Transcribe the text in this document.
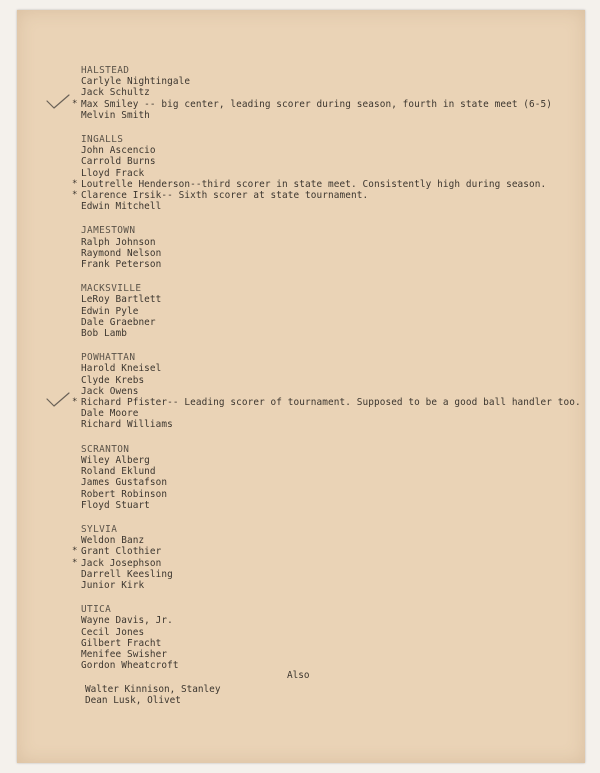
HALSTEAD
Carlyle Nightingale
Jack Schultz
* Max Smiley -- big center, leading scorer during season, fourth in state meet (6-5)
Melvin Smith
INGALLS
John Ascencio
Carrold Burns
Lloyd Frack
* Loutrelle Henderson--third scorer in state meet. Consistently high during season.
* Clarence Irsik-- Sixth scorer at state tournament.
Edwin Mitchell
JAMESTOWN
Ralph Johnson
Raymond Nelson
Frank Peterson
MACKSVILLE
LeRoy Bartlett
Edwin Pyle
Dale Graebner
Bob Lamb
POWHATTAN
Harold Kneisel
Clyde Krebs
Jack Owens
* Richard Pfister-- Leading scorer of tournament. Supposed to be a good ball handler too.
Dale Moore
Richard Williams
SCRANTON
Wiley Alberg
Roland Eklund
James Gustafson
Robert Robinson
Floyd Stuart
SYLVIA
Weldon Banz
* Grant Clothier
* Jack Josephson
Darrell Keesling
Junior Kirk
UTICA
Wayne Davis, Jr.
Cecil Jones
Gilbert Fracht
Menifee Swisher
Gordon Wheatcroft
Also
Walter Kinnison, Stanley
Dean Lusk, Olivet
